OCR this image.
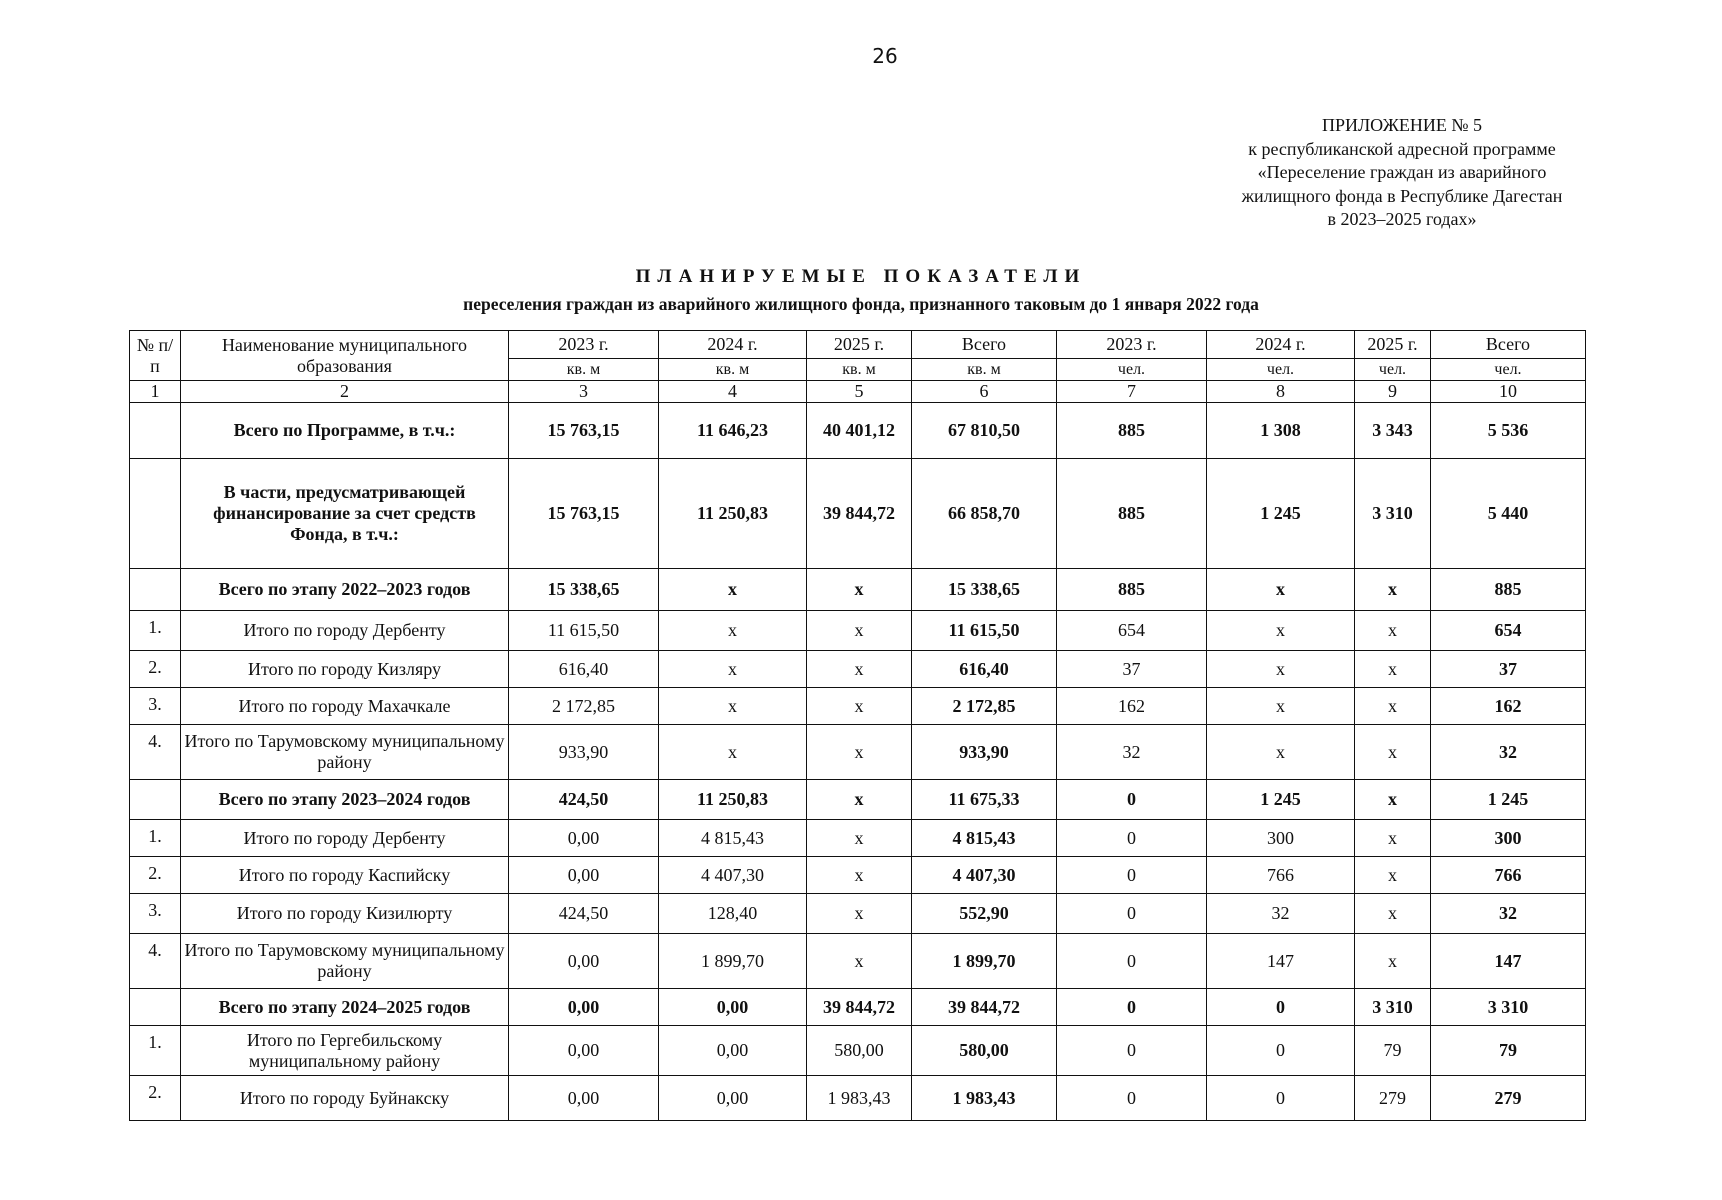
26
ПРИЛОЖЕНИЕ № 5
к республиканской адресной программе
«Переселение граждан из аварийного
жилищного фонда в Республике Дагестан
в 2023–2025 годах»
ПЛАНИРУЕМЫЕ ПОКАЗАТЕЛИ
переселения граждан из аварийного жилищного фонда, признанного таковым до 1 января 2022 года
№ п/п	Наименование муниципального образования	2023 г.	2024 г.	2025 г.	Всего	2023 г.	2024 г.	2025 г.	Всего
		кв. м	кв. м	кв. м	кв. м	чел.	чел.	чел.	чел.
1	2	3	4	5	6	7	8	9	10
	Всего по Программе, в т.ч.:	15 763,15	11 646,23	40 401,12	67 810,50	885	1 308	3 343	5 536
	В части, предусматривающей финансирование за счет средств Фонда, в т.ч.:	15 763,15	11 250,83	39 844,72	66 858,70	885	1 245	3 310	5 440
	Всего по этапу 2022–2023 годов	15 338,65	x	x	15 338,65	885	x	x	885
1.	Итого по городу Дербенту	11 615,50	x	x	11 615,50	654	x	x	654
2.	Итого по городу Кизляру	616,40	x	x	616,40	37	x	x	37
3.	Итого по городу Махачкале	2 172,85	x	x	2 172,85	162	x	x	162
4.	Итого по Тарумовскому муниципальному району	933,90	x	x	933,90	32	x	x	32
	Всего по этапу 2023–2024 годов	424,50	11 250,83	x	11 675,33	0	1 245	x	1 245
1.	Итого по городу Дербенту	0,00	4 815,43	x	4 815,43	0	300	x	300
2.	Итого по городу Каспийску	0,00	4 407,30	x	4 407,30	0	766	x	766
3.	Итого по городу Кизилюрту	424,50	128,40	x	552,90	0	32	x	32
4.	Итого по Тарумовскому муниципальному району	0,00	1 899,70	x	1 899,70	0	147	x	147
	Всего по этапу 2024–2025 годов	0,00	0,00	39 844,72	39 844,72	0	0	3 310	3 310
1.	Итого по Гергебильскому муниципальному району	0,00	0,00	580,00	580,00	0	0	79	79
2.	Итого по городу Буйнакску	0,00	0,00	1 983,43	1 983,43	0	0	279	279
